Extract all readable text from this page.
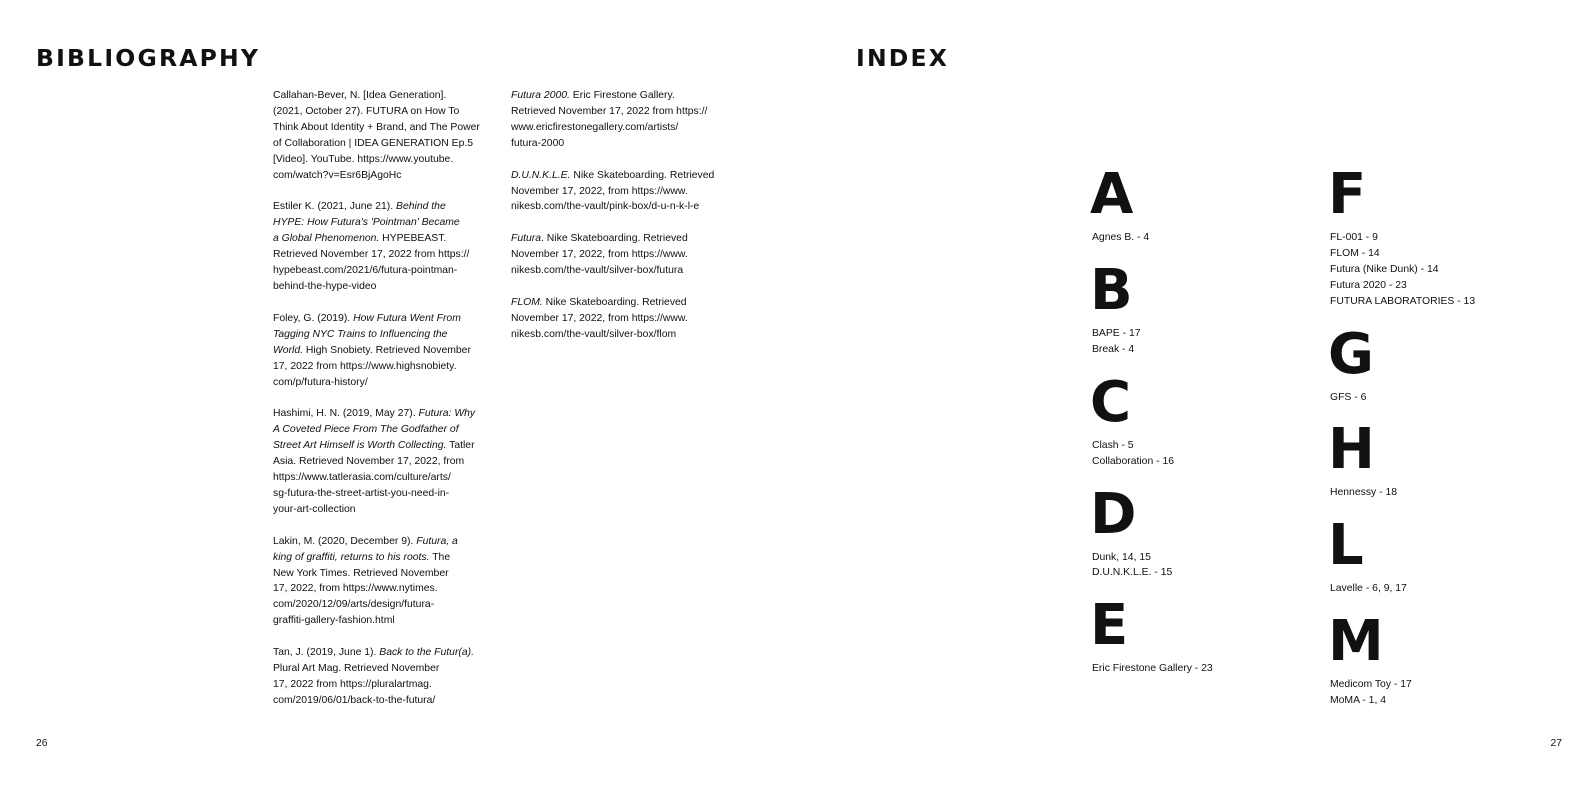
BIBLIOGRAPHY

Callahan-Bever, N. [Idea Generation].
(2021, October 27). FUTURA on How To
Think About Identity + Brand, and The Power
of Collaboration | IDEA GENERATION Ep.5
[Video]. YouTube. https://www.youtube.
com/watch?v=Esr6BjAgoHc

Estiler K. (2021, June 21). Behind the
HYPE: How Futura's 'Pointman' Became
a Global Phenomenon. HYPEBEAST.
Retrieved November 17, 2022 from https://
hypebeast.com/2021/6/futura-pointman-
behind-the-hype-video

Foley, G. (2019). How Futura Went From
Tagging NYC Trains to Influencing the
World. High Snobiety. Retrieved November
17, 2022 from https://www.highsnobiety.
com/p/futura-history/

Hashimi, H. N. (2019, May 27). Futura: Why
A Coveted Piece From The Godfather of
Street Art Himself is Worth Collecting. Tatler
Asia. Retrieved November 17, 2022, from
https://www.tatlerasia.com/culture/arts/
sg-futura-the-street-artist-you-need-in-
your-art-collection

Lakin, M. (2020, December 9). Futura, a
king of graffiti, returns to his roots. The
New York Times. Retrieved November
17, 2022, from https://www.nytimes.
com/2020/12/09/arts/design/futura-
graffiti-gallery-fashion.html

Tan, J. (2019, June 1). Back to the Futur(a).
Plural Art Mag. Retrieved November
17, 2022 from https://pluralartmag.
com/2019/06/01/back-to-the-futura/

Futura 2000. Eric Firestone Gallery.
Retrieved November 17, 2022 from https://
www.ericfirestonegallery.com/artists/
futura-2000

D.U.N.K.L.E. Nike Skateboarding. Retrieved
November 17, 2022, from https://www.
nikesb.com/the-vault/pink-box/d-u-n-k-l-e

Futura. Nike Skateboarding. Retrieved
November 17, 2022, from https://www.
nikesb.com/the-vault/silver-box/futura

FLOM. Nike Skateboarding. Retrieved
November 17, 2022, from https://www.
nikesb.com/the-vault/silver-box/flom

26

INDEX
A

Agnes B. - 4

B

BAPE - 17

Break - 4

C

Clash - 5

Collaboration - 16

D

Dunk, 14, 15

D.U.N.K.L.E. - 15

E

Eric Firestone Gallery - 23

F

FL-001 - 9

FLOM - 14

Futura (Nike Dunk) - 14

Futura 2020 - 23

FUTURA LABORATORIES - 13

G

GFS - 6

H

Hennessy - 18

L

Lavelle - 6, 9, 17

M

Medicom Toy - 17

MoMA - 1, 4

27
